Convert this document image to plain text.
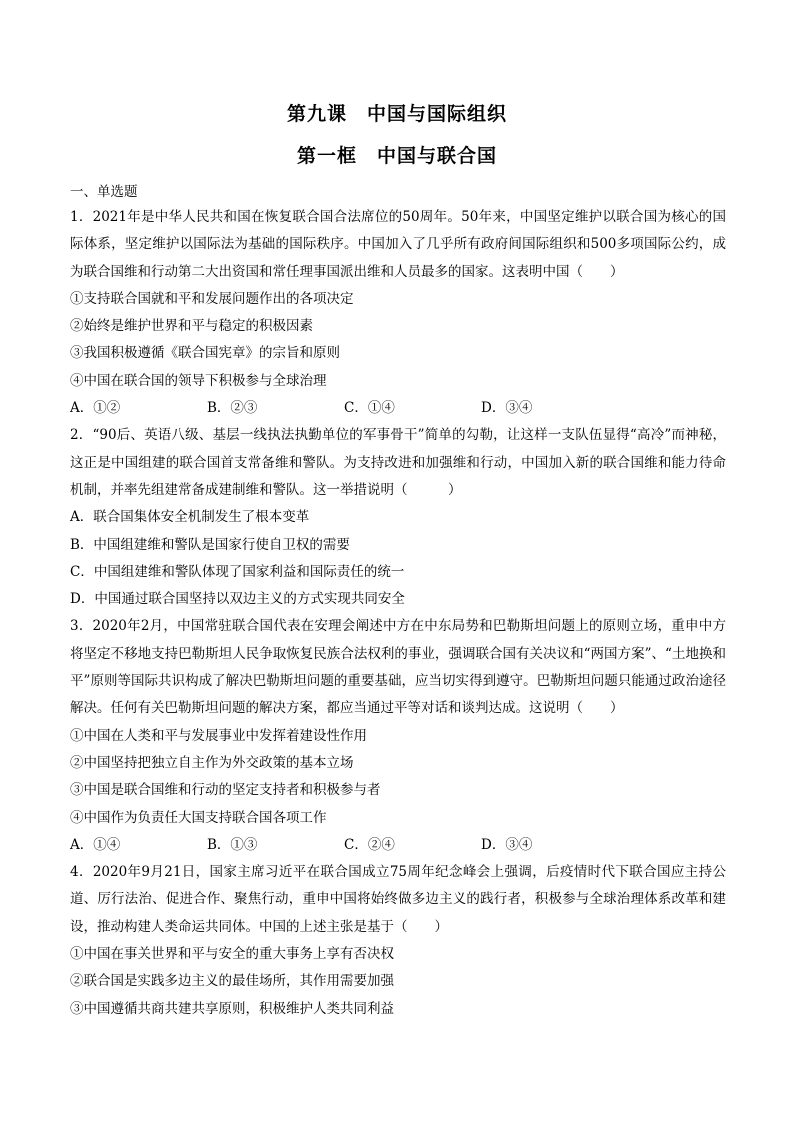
第九课　中国与国际组织
第一框　中国与联合国
一、单选题
1．2021年是中华人民共和国在恢复联合国合法席位的50周年。50年来，中国坚定维护以联合国为核心的国际体系，坚定维护以国际法为基础的国际秩序。中国加入了几乎所有政府间国际组织和500多项国际公约，成为联合国维和行动第二大出资国和常任理事国派出维和人员最多的国家。这表明中国（　　）
①支持联合国就和平和发展问题作出的各项决定
②始终是维护世界和平与稳定的积极因素
③我国积极遵循《联合国宪章》的宗旨和原则
④中国在联合国的领导下积极参与全球治理
A．①②	B．②③	C．①④	D．③④
2．“90后、英语八级、基层一线执法执勤单位的军事骨干”简单的勾勒，让这样一支队伍显得“高冷”而神秘，这正是中国组建的联合国首支常备维和警队。为支持改进和加强维和行动，中国加入新的联合国维和能力待命机制，并率先组建常备成建制维和警队。这一举措说明（　　　）
A．联合国集体安全机制发生了根本变革
B．中国组建维和警队是国家行使自卫权的需要
C．中国组建维和警队体现了国家利益和国际责任的统一
D．中国通过联合国坚持以双边主义的方式实现共同安全
3．2020年2月，中国常驻联合国代表在安理会阐述中方在中东局势和巴勒斯坦问题上的原则立场，重申中方将坚定不移地支持巴勒斯坦人民争取恢复民族合法权利的事业，强调联合国有关决议和“两国方案”、“土地换和平”原则等国际共识构成了解决巴勒斯坦问题的重要基础，应当切实得到遵守。巴勒斯坦问题只能通过政治途径解决。任何有关巴勒斯坦问题的解决方案，都应当通过平等对话和谈判达成。这说明（　　）
①中国在人类和平与发展事业中发挥着建设性作用
②中国坚持把独立自主作为外交政策的基本立场
③中国是联合国维和行动的坚定支持者和积极参与者
④中国作为负责任大国支持联合国各项工作
A．①④	B．①③	C．②④	D．③④
4．2020年9月21日，国家主席习近平在联合国成立75周年纪念峰会上强调，后疫情时代下联合国应主持公道、厉行法治、促进合作、聚焦行动，重申中国将始终做多边主义的践行者，积极参与全球治理体系改革和建设，推动构建人类命运共同体。中国的上述主张是基于（　　）
①中国在事关世界和平与安全的重大事务上享有否决权
②联合国是实践多边主义的最佳场所，其作用需要加强
③中国遵循共商共建共享原则，积极维护人类共同利益
